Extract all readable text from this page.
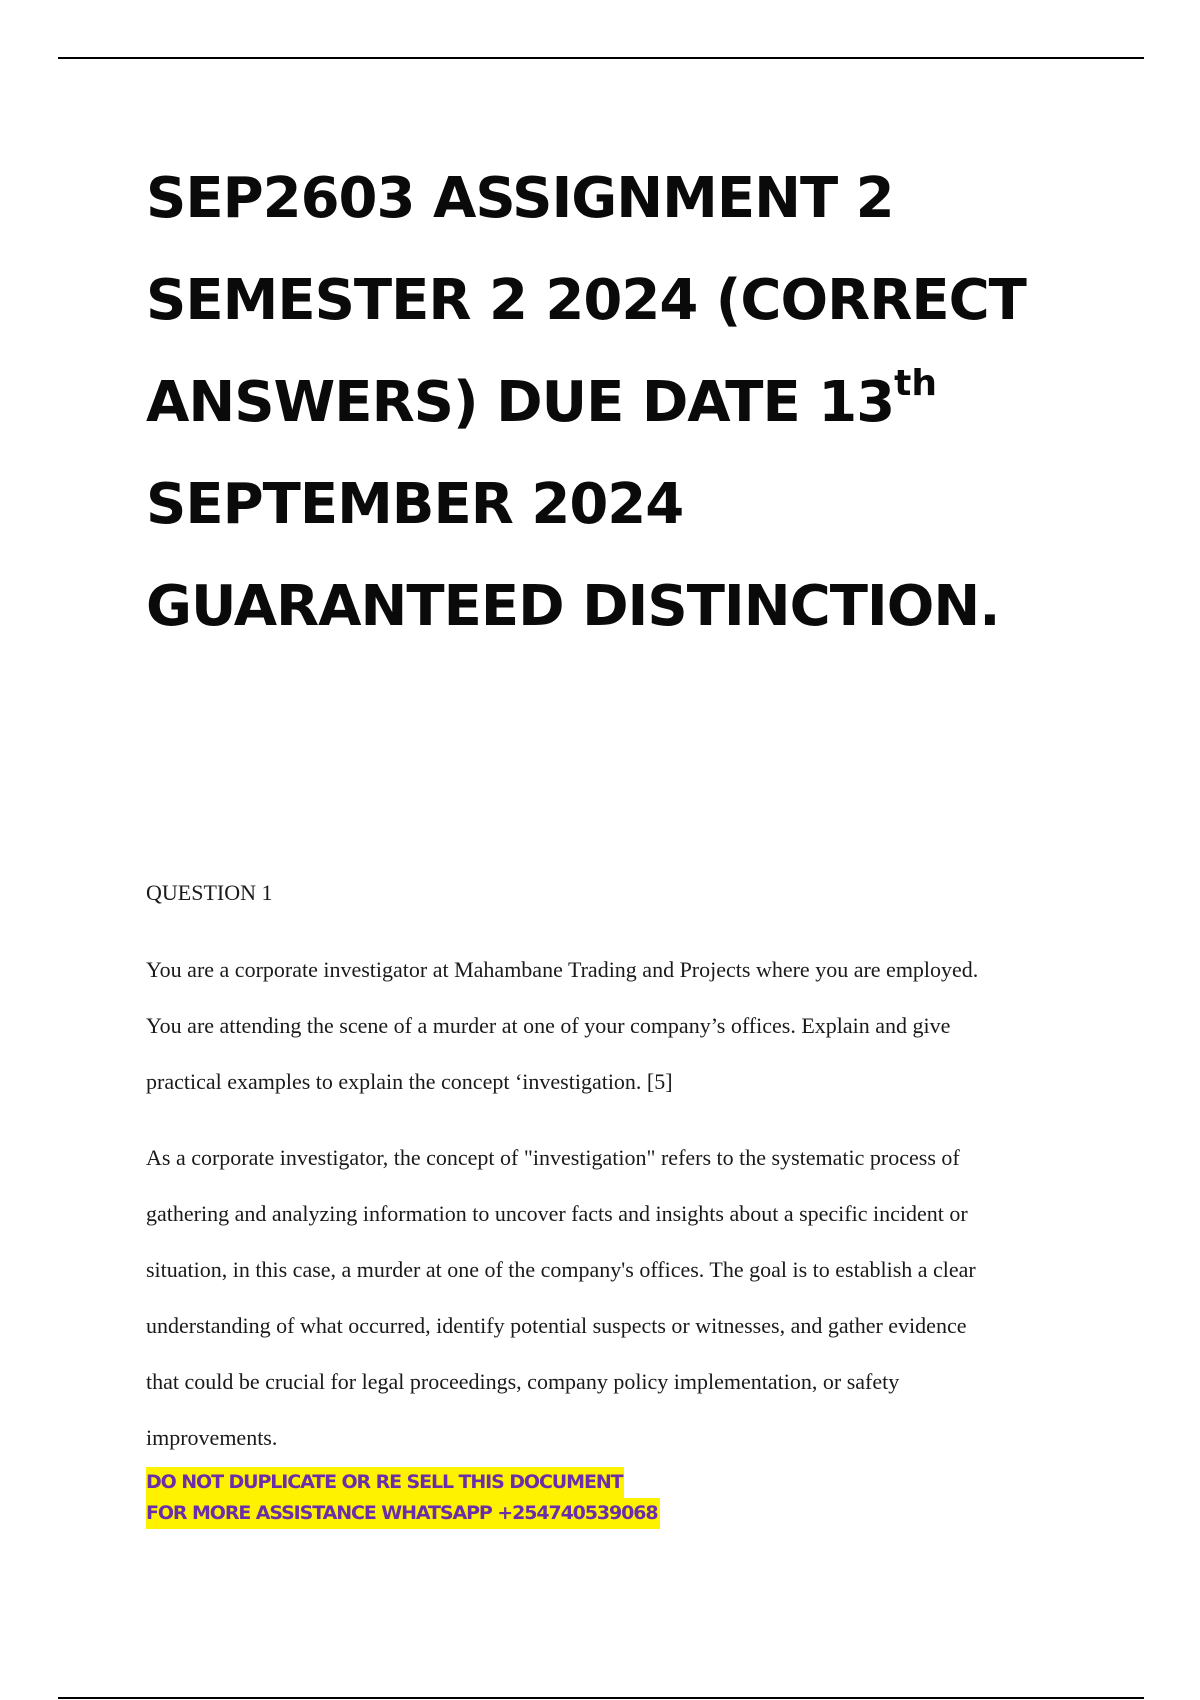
SEP2603 ASSIGNMENT 2
SEMESTER 2 2024 (CORRECT
ANSWERS) DUE DATE 13th
SEPTEMBER 2024
GUARANTEED DISTINCTION.
QUESTION 1

You are a corporate investigator at Mahambane Trading and Projects where you are employed.
You are attending the scene of a murder at one of your company’s offices. Explain and give
practical examples to explain the concept ‘investigation. [5]

As a corporate investigator, the concept of "investigation" refers to the systematic process of
gathering and analyzing information to uncover facts and insights about a specific incident or
situation, in this case, a murder at one of the company's offices. The goal is to establish a clear
understanding of what occurred, identify potential suspects or witnesses, and gather evidence
that could be crucial for legal proceedings, company policy implementation, or safety
improvements.

DO NOT DUPLICATE OR RE SELL THIS DOCUMENT
FOR MORE ASSISTANCE WHATSAPP +254740539068
